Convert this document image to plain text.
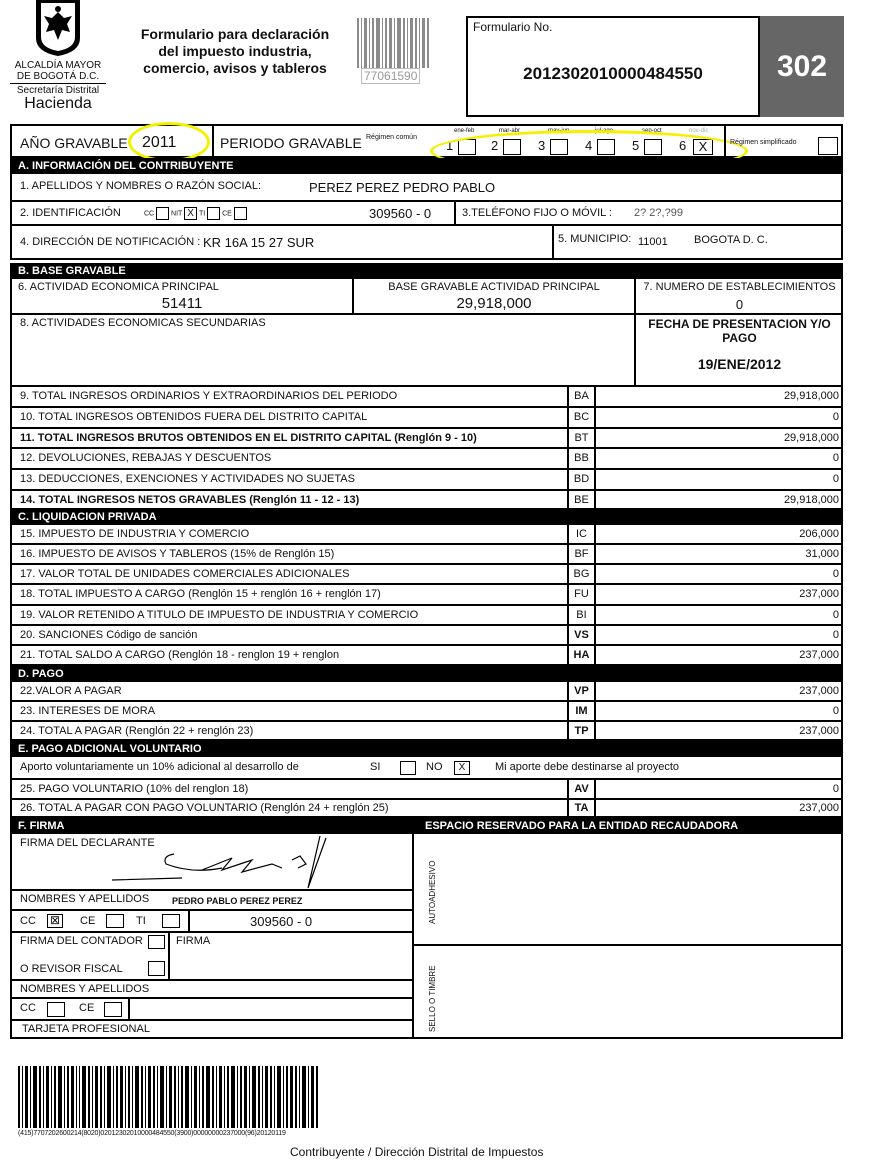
ALCALDÍA MAYOR
DE BOGOTÁ D.C.
Secretaría Distrital
Hacienda
Formulario para declaración
del impuesto industria,
comercio, avisos y tableros	77061590
Formulario No.
2012302010000484550	302
AÑO GRAVABLE 2011	PERIODO GRAVABLE Régimen común
ene-feb
1
mar-abr
2
may-jun
3
jul-ago
4
sep-oct
5
nov-dic
6 X	Régimen simplificado
A. INFORMACIÓN DEL CONTRIBUYENTE
1. APELLIDOS Y NOMBRES O RAZÓN SOCIAL:	PEREZ PEREZ PEDRO PABLO
2. IDENTIFICACIÓN	CC NIT X TI CE	309560 - 0	3.TELÉFONO FIJO O MÓVIL : 2? 2?,?99
4. DIRECCIÓN DE NOTIFICACIÓN : KR 16A 15 27 SUR	5. MUNICIPIO: 11001 BOGOTA D. C.
B. BASE GRAVABLE
6. ACTIVIDAD ECONOMICA PRINCIPAL
51411
BASE GRAVABLE ACTIVIDAD PRINCIPAL
29,918,000
7. NUMERO DE ESTABLECIMIENTOS
0
8. ACTIVIDADES ECONOMICAS SECUNDARIAS	FECHA DE PRESENTACION Y/O PAGO
19/ENE/2012
9. TOTAL INGRESOS ORDINARIOS Y EXTRAORDINARIOS DEL PERIODO	BA	29,918,000
10. TOTAL INGRESOS OBTENIDOS FUERA DEL DISTRITO CAPITAL	BC	0
11. TOTAL INGRESOS BRUTOS OBTENIDOS EN EL DISTRITO CAPITAL (Renglón 9 - 10)	BT	29,918,000
12. DEVOLUCIONES, REBAJAS Y DESCUENTOS	BB	0
13. DEDUCCIONES, EXENCIONES Y ACTIVIDADES NO SUJETAS	BD	0
14. TOTAL INGRESOS NETOS GRAVABLES (Renglón 11 - 12 - 13)	BE	29,918,000
C. LIQUIDACION PRIVADA
15. IMPUESTO DE INDUSTRIA Y COMERCIO	IC	206,000
16. IMPUESTO DE AVISOS Y TABLEROS (15% de Renglón 15)	BF	31,000
17. VALOR TOTAL DE UNIDADES COMERCIALES ADICIONALES	BG	0
18. TOTAL IMPUESTO A CARGO (Renglón 15 + renglón 16 + renglón 17)	FU	237,000
19. VALOR RETENIDO A TITULO DE IMPUESTO DE INDUSTRIA Y COMERCIO	BI	0
20. SANCIONES Código de sanción	VS	0
21. TOTAL SALDO A CARGO (Renglón 18 - renglon 19 + renglon	HA	237,000
D. PAGO
22.VALOR A PAGAR	VP	237,000
23. INTERESES DE MORA	IM	0
24. TOTAL A PAGAR (Renglón 22 + renglón 23)	TP	237,000
E. PAGO ADICIONAL VOLUNTARIO
Aporto voluntariamente un 10% adicional al desarrollo de	SI	NO	X	Mi aporte debe destinarse al proyecto
25. PAGO VOLUNTARIO (10% del renglon 18)	AV	0
26. TOTAL A PAGAR CON PAGO VOLUNTARIO (Renglón 24 + renglón 25)	TA	237,000
F. FIRMA	ESPACIO RESERVADO PARA LA ENTIDAD RECAUDADORA
FIRMA DEL DECLARANTE
NOMBRES Y APELLIDOS	PEDRO PABLO PEREZ PEREZ
CC ⊠ CE	TI	309560 - 0
FIRMA DEL CONTADOR	FIRMA
O REVISOR FISCAL
NOMBRES Y APELLIDOS
CC	CE
TARJETA PROFESIONAL
AUTOADHESIVO
SELLO O TIMBRE
(415)7707202600214(8020)02012302010000484550(3900)00000000237000(96)20120119
Contribuyente / Dirección Distrital de Impuestos
